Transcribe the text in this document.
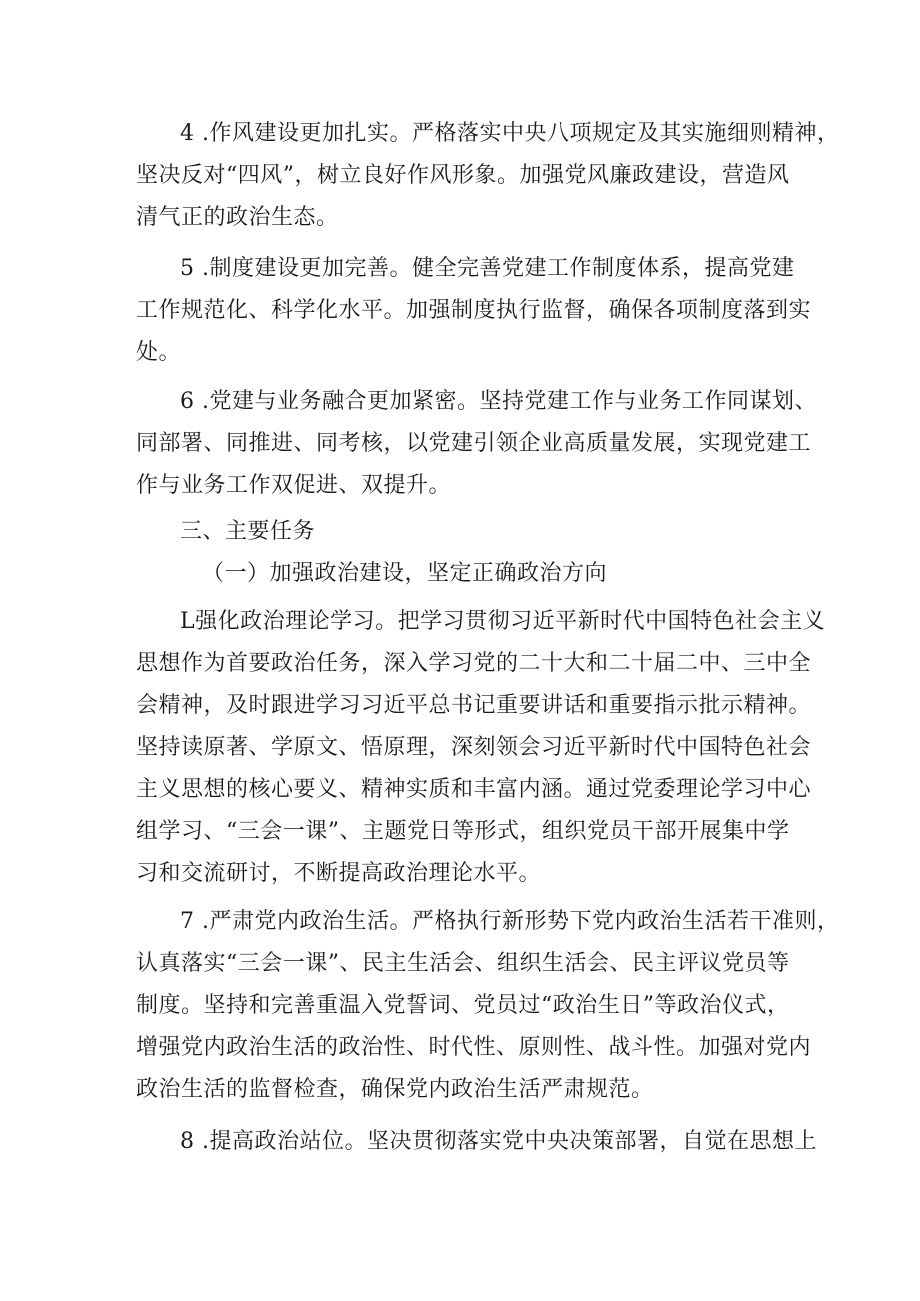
4 .作风建设更加扎实。严格落实中央八项规定及其实施细则精神，
坚决反对“四风”，树立良好作风形象。加强党风廉政建设，营造风
清气正的政治生态。
5 .制度建设更加完善。健全完善党建工作制度体系，提高党建
工作规范化、科学化水平。加强制度执行监督，确保各项制度落到实
处。
6 .党建与业务融合更加紧密。坚持党建工作与业务工作同谋划、
同部署、同推进、同考核，以党建引领企业高质量发展，实现党建工
作与业务工作双促进、双提升。
三、主要任务
（一）加强政治建设，坚定正确政治方向
L强化政治理论学习。把学习贯彻习近平新时代中国特色社会主义
思想作为首要政治任务，深入学习党的二十大和二十届二中、三中全
会精神，及时跟进学习习近平总书记重要讲话和重要指示批示精神。
坚持读原著、学原文、悟原理，深刻领会习近平新时代中国特色社会
主义思想的核心要义、精神实质和丰富内涵。通过党委理论学习中心
组学习、“三会一课”、主题党日等形式，组织党员干部开展集中学
习和交流研讨，不断提高政治理论水平。
7 .严肃党内政治生活。严格执行新形势下党内政治生活若干准则，
认真落实“三会一课”、民主生活会、组织生活会、民主评议党员等
制度。坚持和完善重温入党誓词、党员过“政治生日”等政治仪式，
增强党内政治生活的政治性、时代性、原则性、战斗性。加强对党内
政治生活的监督检查，确保党内政治生活严肃规范。
8 .提高政治站位。坚决贯彻落实党中央决策部署，自觉在思想上
